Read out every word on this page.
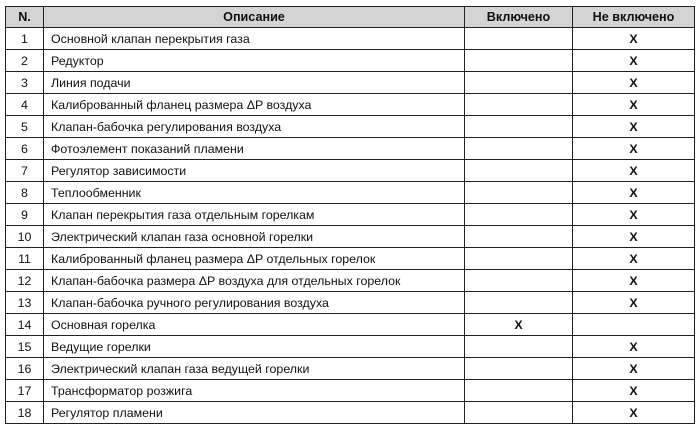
N.	Описание	Включено	Не включено
1	Основной клапан перекрытия газа		X
2	Редуктор		X
3	Линия подачи		X
4	Калиброванный фланец размера ΔP воздуха		X
5	Клапан-бабочка регулирования воздуха		X
6	Фотоэлемент показаний пламени		X
7	Регулятор зависимости		X
8	Теплообменник		X
9	Клапан перекрытия газа отдельным горелкам		X
10	Электрический клапан газа основной горелки		X
11	Калиброванный фланец размера ΔP отдельных горелок		X
12	Клапан-бабочка размера ΔP воздуха для отдельных горелок		X
13	Клапан-бабочка ручного регулирования воздуха		X
14	Основная горелка	X	
15	Ведущие горелки		X
16	Электрический клапан газа ведущей горелки		X
17	Трансформатор розжига		X
18	Регулятор пламени		X
